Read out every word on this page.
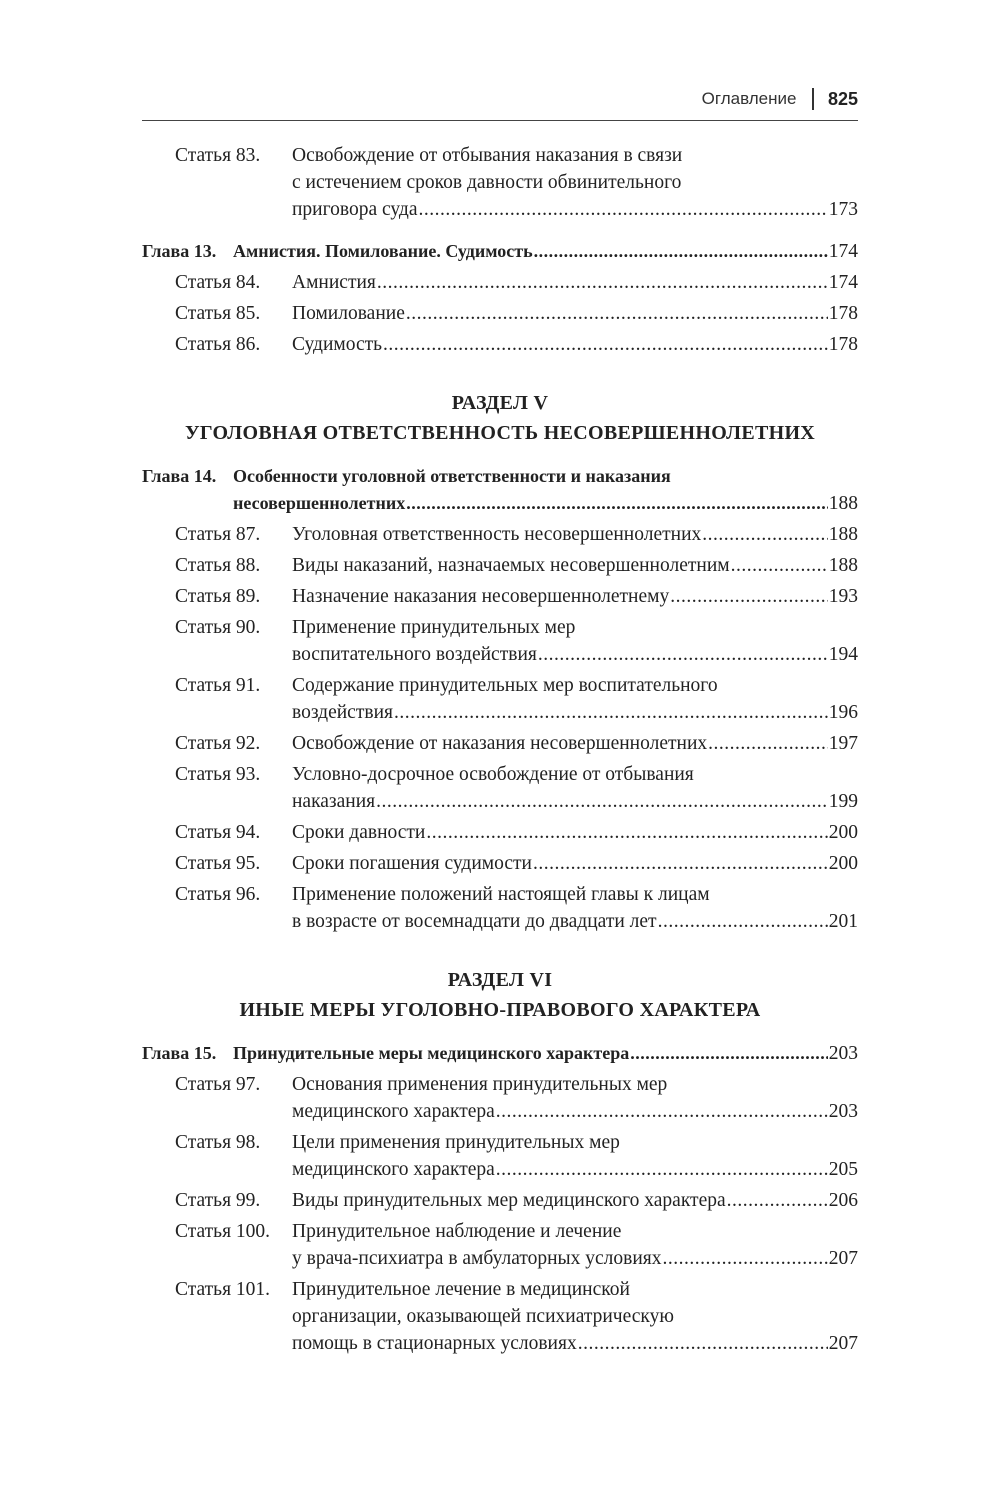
Оглавление 825
Статья 83.	Освобождение от отбывания наказания в связи
с истечением сроков давности обвинительного
приговора суда .....	173
Глава 13. Амнистия. Помилование. Судимость .....	174
Статья 84.	Амнистия .....	174
Статья 85.	Помилование .....	178
Статья 86.	Судимость .....	178
РАЗДЕЛ V
УГОЛОВНАЯ ОТВЕТСТВЕННОСТЬ НЕСОВЕРШЕННОЛЕТНИХ
Глава 14. Особенности уголовной ответственности и наказания
несовершеннолетних .....	188
Статья 87.	Уголовная ответственность несовершеннолетних .....	188
Статья 88.	Виды наказаний, назначаемых несовершеннолетним .....	188
Статья 89.	Назначение наказания несовершеннолетнему .....	193
Статья 90.	Применение принудительных мер
воспитательного воздействия .....	194
Статья 91.	Содержание принудительных мер воспитательного
воздействия .....	196
Статья 92.	Освобождение от наказания несовершеннолетних .....	197
Статья 93.	Условно-досрочное освобождение от отбывания
наказания .....	199
Статья 94.	Сроки давности .....	200
Статья 95.	Сроки погашения судимости .....	200
Статья 96.	Применение положений настоящей главы к лицам
в возрасте от восемнадцати до двадцати лет .....	201
РАЗДЕЛ VI
ИНЫЕ МЕРЫ УГОЛОВНО-ПРАВОВОГО ХАРАКТЕРА
Глава 15. Принудительные меры медицинского характера .....	203
Статья 97.	Основания применения принудительных мер
медицинского характера .....	203
Статья 98.	Цели применения принудительных мер
медицинского характера .....	205
Статья 99.	Виды принудительных мер медицинского характера .....	206
Статья 100.	Принудительное наблюдение и лечение
у врача-психиатра в амбулаторных условиях .....	207
Статья 101.	Принудительное лечение в медицинской
организации, оказывающей психиатрическую
помощь в стационарных условиях .....	207
